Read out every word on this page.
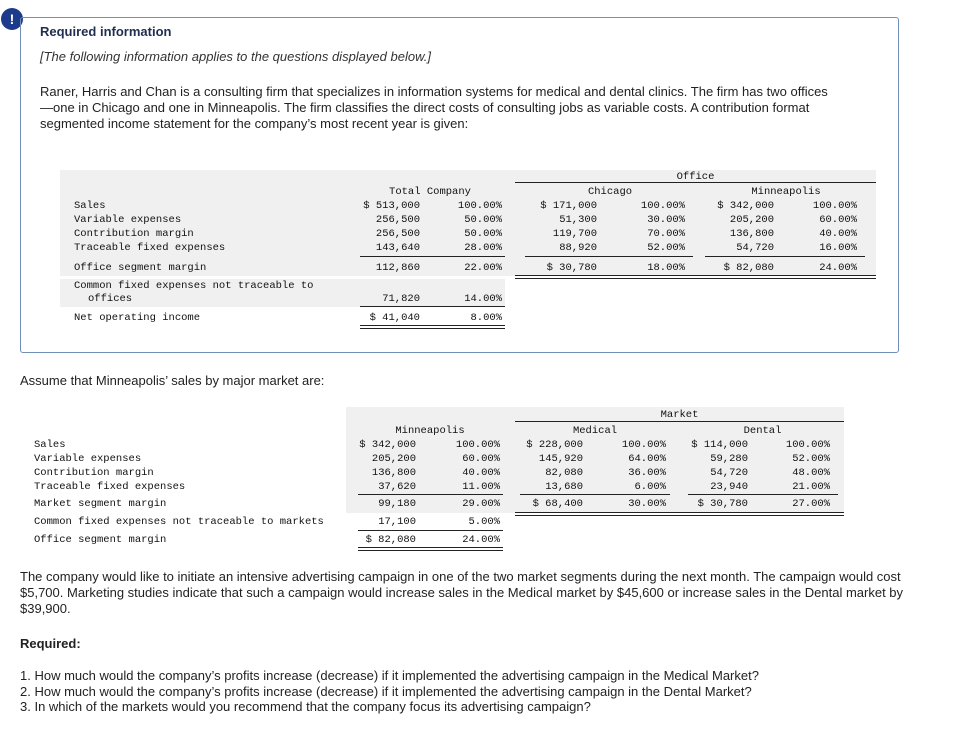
!
Required information
[The following information applies to the questions displayed below.]
Raner, Harris and Chan is a consulting firm that specializes in information systems for medical and dental clinics. The firm has two offices—one in Chicago and one in Minneapolis. The firm classifies the direct costs of consulting jobs as variable costs. A contribution format segmented income statement for the company’s most recent year is given:
Office
Total Company	Chicago	Minneapolis
Sales	$ 513,000	100.00%	$ 171,000	100.00%	$ 342,000	100.00%
Variable expenses	256,500	50.00%	51,300	30.00%	205,200	60.00%
Contribution margin	256,500	50.00%	119,700	70.00%	136,800	40.00%
Traceable fixed expenses	143,640	28.00%	88,920	52.00%	54,720	16.00%
Office segment margin	112,860	22.00%	$ 30,780	18.00%	$ 82,080	24.00%
Common fixed expenses not traceable to
offices	71,820	14.00%
Net operating income	$ 41,040	8.00%
Assume that Minneapolis’ sales by major market are:
Market
Minneapolis	Medical	Dental
Sales	$ 342,000	100.00%	$ 228,000	100.00%	$ 114,000	100.00%
Variable expenses	205,200	60.00%	145,920	64.00%	59,280	52.00%
Contribution margin	136,800	40.00%	82,080	36.00%	54,720	48.00%
Traceable fixed expenses	37,620	11.00%	13,680	6.00%	23,940	21.00%
Market segment margin	99,180	29.00%	$ 68,400	30.00%	$ 30,780	27.00%
Common fixed expenses not traceable to markets	17,100	5.00%
Office segment margin	$ 82,080	24.00%
The company would like to initiate an intensive advertising campaign in one of the two market segments during the next month. The campaign would cost $5,700. Marketing studies indicate that such a campaign would increase sales in the Medical market by $45,600 or increase sales in the Dental market by $39,900.
Required:
1. How much would the company’s profits increase (decrease) if it implemented the advertising campaign in the Medical Market?
2. How much would the company’s profits increase (decrease) if it implemented the advertising campaign in the Dental Market?
3. In which of the markets would you recommend that the company focus its advertising campaign?
